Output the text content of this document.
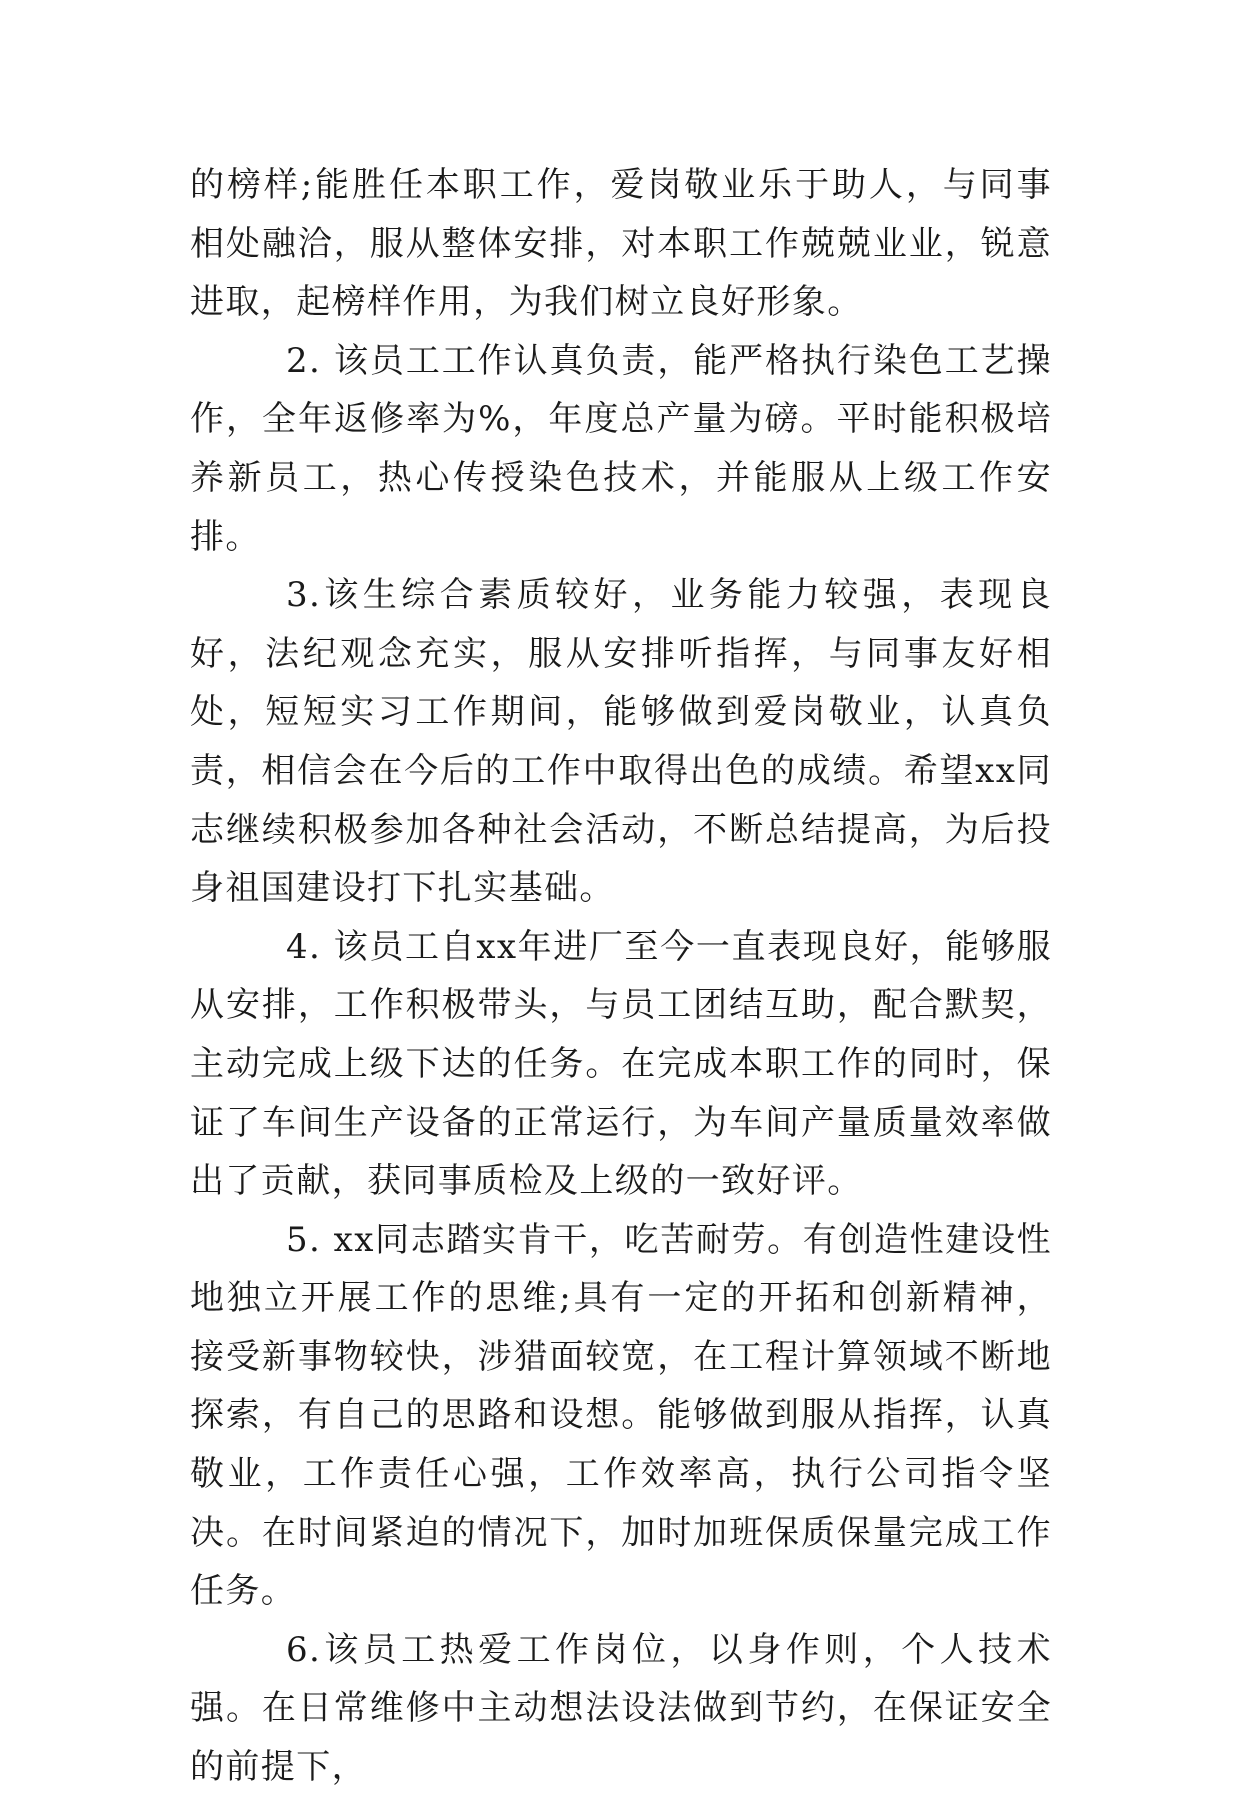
的榜样;能胜任本职工作，爱岗敬业乐于助人，与同事相处融洽，服从整体安排，对本职工作兢兢业业，锐意进取，起榜样作用，为我们树立良好形象。

2. 该员工工作认真负责，能严格执行染色工艺操作，全年返修率为%，年度总产量为磅。平时能积极培养新员工，热心传授染色技术，并能服从上级工作安排。

3.该生综合素质较好，业务能力较强，表现良好，法纪观念充实，服从安排听指挥，与同事友好相处，短短实习工作期间，能够做到爱岗敬业，认真负责，相信会在今后的工作中取得出色的成绩。希望xx同志继续积极参加各种社会活动，不断总结提高，为后投身祖国建设打下扎实基础。

4. 该员工自xx年进厂至今一直表现良好，能够服从安排，工作积极带头，与员工团结互助，配合默契，主动完成上级下达的任务。在完成本职工作的同时，保证了车间生产设备的正常运行，为车间产量质量效率做出了贡献，获同事质检及上级的一致好评。

5. xx同志踏实肯干，吃苦耐劳。有创造性建设性地独立开展工作的思维;具有一定的开拓和创新精神，接受新事物较快，涉猎面较宽，在工程计算领域不断地探索，有自己的思路和设想。能够做到服从指挥，认真敬业，工作责任心强，工作效率高，执行公司指令坚决。在时间紧迫的情况下，加时加班保质保量完成工作任务。

6.该员工热爱工作岗位，以身作则，个人技术强。在日常维修中主动想法设法做到节约，在保证安全的前提下，
